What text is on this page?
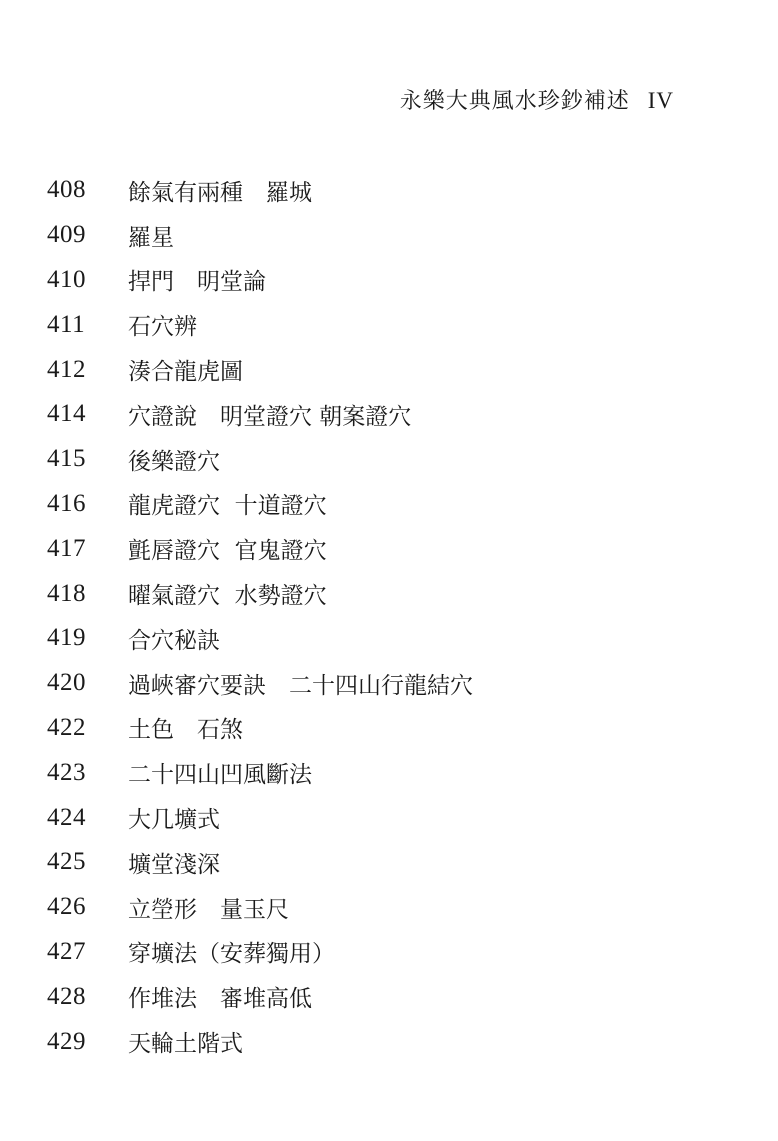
永樂大典風水珍鈔補述 IV
408	餘氣有兩種　羅城
409	羅星
410	捍門　明堂論
411	石穴辨
412	湊合龍虎圖
414	穴證說　明堂證穴 朝案證穴
415	後樂證穴
416	龍虎證穴  十道證穴
417	氈唇證穴  官鬼證穴
418	曜氣證穴  水勢證穴
419	合穴秘訣
420	過峽審穴要訣　二十四山行龍結穴
422	土色　石煞
423	二十四山凹風斷法
424	大几壙式
425	壙堂淺深
426	立塋形　量玉尺
427	穿壙法（安葬獨用）
428	作堆法　審堆高低
429	天輪土階式
